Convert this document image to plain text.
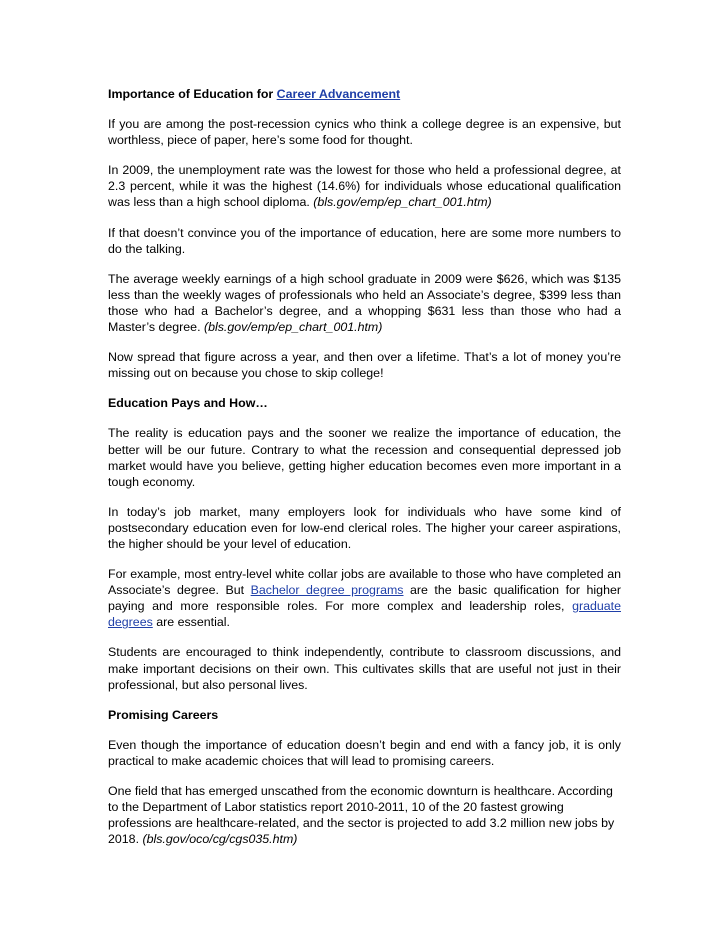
Importance of Education for Career Advancement
If you are among the post-recession cynics who think a college degree is an expensive, but worthless, piece of paper, here’s some food for thought.
In 2009, the unemployment rate was the lowest for those who held a professional degree, at 2.3 percent, while it was the highest (14.6%) for individuals whose educational qualification was less than a high school diploma. (bls.gov/emp/ep_chart_001.htm)
If that doesn’t convince you of the importance of education, here are some more numbers to do the talking.
The average weekly earnings of a high school graduate in 2009 were $626, which was $135 less than the weekly wages of professionals who held an Associate’s degree, $399 less than those who had a Bachelor’s degree, and a whopping $631 less than those who had a Master’s degree. (bls.gov/emp/ep_chart_001.htm)
Now spread that figure across a year, and then over a lifetime. That’s a lot of money you’re missing out on because you chose to skip college!
Education Pays and How…
The reality is education pays and the sooner we realize the importance of education, the better will be our future. Contrary to what the recession and consequential depressed job market would have you believe, getting higher education becomes even more important in a tough economy.
In today’s job market, many employers look for individuals who have some kind of postsecondary education even for low-end clerical roles. The higher your career aspirations, the higher should be your level of education.
For example, most entry-level white collar jobs are available to those who have completed an Associate’s degree. But Bachelor degree programs are the basic qualification for higher paying and more responsible roles. For more complex and leadership roles, graduate degrees are essential.
Students are encouraged to think independently, contribute to classroom discussions, and make important decisions on their own. This cultivates skills that are useful not just in their professional, but also personal lives.
Promising Careers
Even though the importance of education doesn’t begin and end with a fancy job, it is only practical to make academic choices that will lead to promising careers.
One field that has emerged unscathed from the economic downturn is healthcare. According to the Department of Labor statistics report 2010-2011, 10 of the 20 fastest growing professions are healthcare-related, and the sector is projected to add 3.2 million new jobs by 2018. (bls.gov/oco/cg/cgs035.htm)
